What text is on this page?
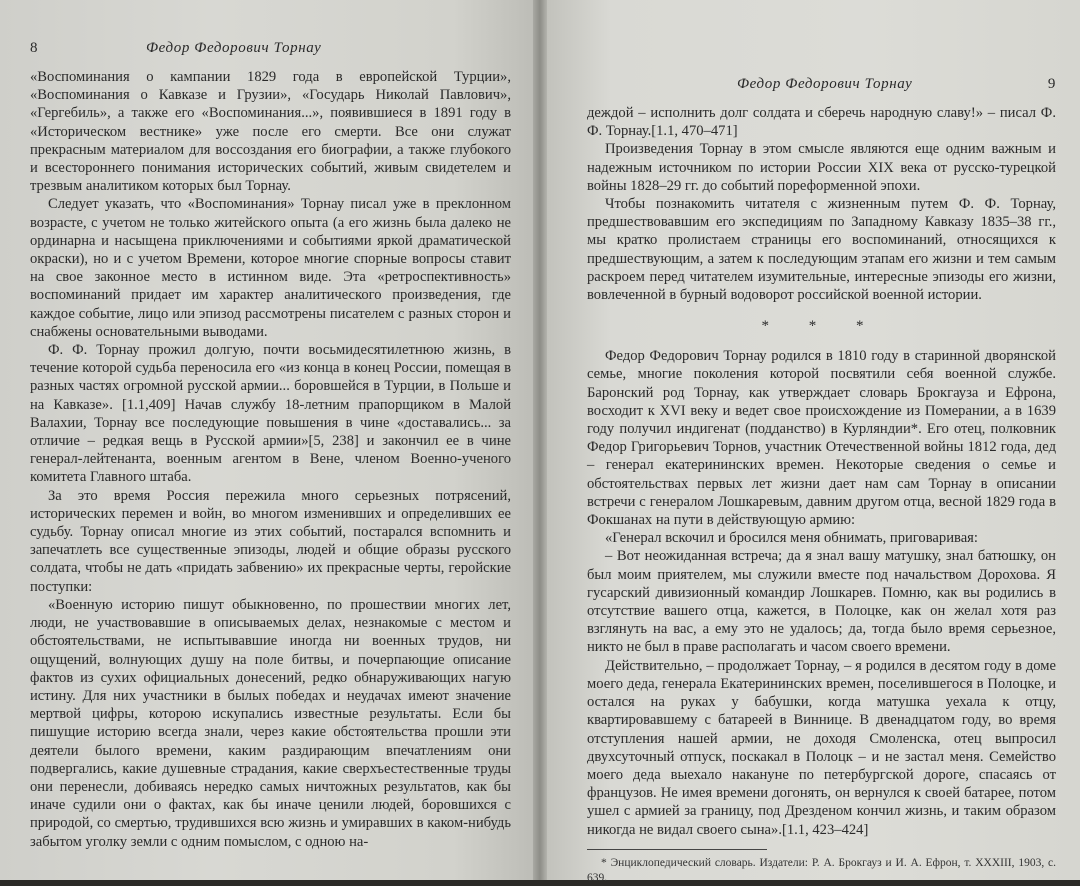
8	Федор Федорович Торнау

«Воспоминания о кампании 1829 года в европейской Турции», «Воспоминания о Кавказе и Грузии», «Государь Николай Павлович», «Гергебиль», а также его «Воспоминания...», появившиеся в 1891 году в «Историческом вестнике» уже после его смерти. Все они служат прекрасным материалом для воссоздания его биографии, а также глубокого и всестороннего понимания исторических событий, живым свидетелем и трезвым аналитиком которых был Торнау.

Следует указать, что «Воспоминания» Торнау писал уже в преклонном возрасте, с учетом не только житейского опыта (а его жизнь была далеко не ординарна и насыщена приключениями и событиями яркой драматической окраски), но и с учетом Времени, которое многие спорные вопросы ставит на свое законное место в истинном виде. Эта «ретроспективность» воспоминаний придает им характер аналитического произведения, где каждое событие, лицо или эпизод рассмотрены писателем с разных сторон и снабжены основательными выводами.

Ф. Ф. Торнау прожил долгую, почти восьмидесятилетнюю жизнь, в течение которой судьба переносила его «из конца в конец России, помещая в разных частях огромной русской армии... боровшейся в Турции, в Польше и на Кавказе». [1.1,409] Начав службу 18-летним прапорщиком в Малой Валахии, Торнау все последующие повышения в чине «доставались... за отличие – редкая вещь в Русской армии»[5, 238] и закончил ее в чине генерал-лейтенанта, военным агентом в Вене, членом Военно-ученого комитета Главного штаба.

За это время Россия пережила много серьезных потрясений, исторических перемен и войн, во многом изменивших и определивших ее судьбу. Торнау описал многие из этих событий, постарался вспомнить и запечатлеть все существенные эпизоды, людей и общие образы русского солдата, чтобы не дать «придать забвению» их прекрасные черты, геройские поступки:

«Военную историю пишут обыкновенно, по прошествии многих лет, люди, не участвовавшие в описываемых делах, незнакомые с местом и обстоятельствами, не испытывавшие иногда ни военных трудов, ни ощущений, волнующих душу на поле битвы, и почерпающие описание фактов из сухих официальных донесений, редко обнаруживающих нагую истину. Для них участники в былых победах и неудачах имеют значение мертвой цифры, которою искупались известные результаты. Если бы пишущие историю всегда знали, через какие обстоятельства прошли эти деятели былого времени, каким раздирающим впечатлениям они подвергались, какие душевные страдания, какие сверхъестественные труды они перенесли, добиваясь нередко самых ничтожных результатов, как бы иначе судили они о фактах, как бы иначе ценили людей, боровшихся с природой, со смертью, трудившихся всю жизнь и умиравших в каком-нибудь забытом уголку земли с одним помыслом, с одною на-

Федор Федорович Торнау	9

деждой – исполнить долг солдата и сберечь народную славу!» – писал Ф. Ф. Торнау.[1.1, 470–471]

Произведения Торнау в этом смысле являются еще одним важным и надежным источником по истории России XIX века от русско-турецкой войны 1828–29 гг. до событий пореформенной эпохи.

Чтобы познакомить читателя с жизненным путем Ф. Ф. Торнау, предшествовавшим его экспедициям по Западному Кавказу 1835–38 гг., мы кратко пролистаем страницы его воспоминаний, относящихся к предшествующим, а затем к последующим этапам его жизни и тем самым раскроем перед читателем изумительные, интересные эпизоды его жизни, вовлеченной в бурный водоворот российской военной истории.

* * *

Федор Федорович Торнау родился в 1810 году в старинной дворянской семье, многие поколения которой посвятили себя военной службе. Баронский род Торнау, как утверждает словарь Брокгауза и Ефрона, восходит к XVI веку и ведет свое происхождение из Померании, а в 1639 году получил индигенат (подданство) в Курляндии*. Его отец, полковник Федор Григорьевич Торнов, участник Отечественной войны 1812 года, дед – генерал екатерининских времен. Некоторые сведения о семье и обстоятельствах первых лет жизни дает нам сам Торнау в описании встречи с генералом Лошкаревым, давним другом отца, весной 1829 года в Фокшанах на пути в действующую армию:

«Генерал вскочил и бросился меня обнимать, приговаривая:

– Вот неожиданная встреча; да я знал вашу матушку, знал батюшку, он был моим приятелем, мы служили вместе под начальством Дорохова. Я гусарский дивизионный командир Лошкарев. Помню, как вы родились в отсутствие вашего отца, кажется, в Полоцке, как он желал хотя раз взглянуть на вас, а ему это не удалось; да, тогда было время серьезное, никто не был в праве располагать и часом своего времени.

Действительно, – продолжает Торнау, – я родился в десятом году в доме моего деда, генерала Екатерининских времен, поселившегося в Полоцке, и остался на руках у бабушки, когда матушка уехала к отцу, квартировавшему с батареей в Виннице. В двенадцатом году, во время отступления нашей армии, не доходя Смоленска, отец выпросил двухсуточный отпуск, поскакал в Полоцк – и не застал меня. Семейство моего деда выехало накануне по петербургской дороге, спасаясь от французов. Не имея времени догонять, он вернулся к своей батарее, потом ушел с армией за границу, под Дрезденом кончил жизнь, и таким образом никогда не видал своего сына».[1.1, 423–424]

* Энциклопедический словарь. Издатели: Р. А. Брокгауз и И. А. Ефрон, т. XXXIII, 1903, с. 639.
